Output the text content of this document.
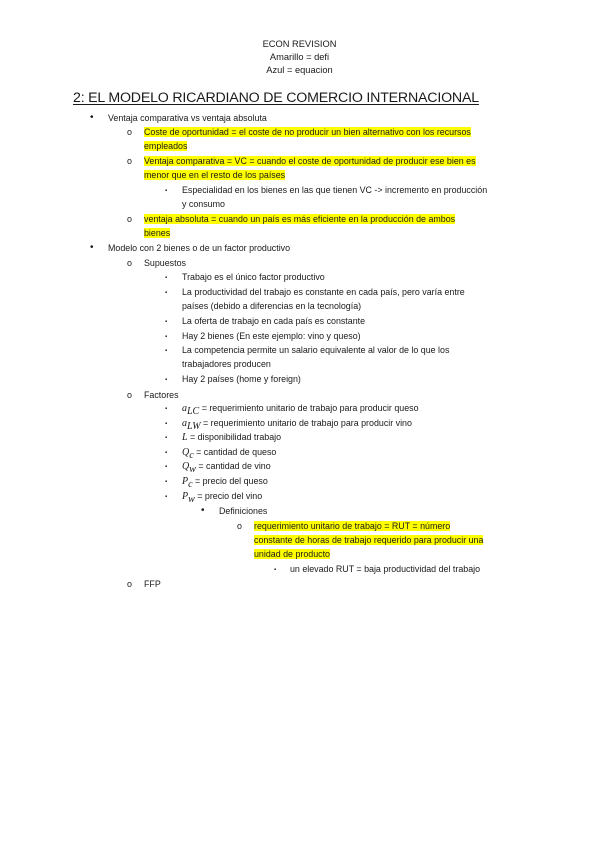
ECON REVISION
Amarillo = defi
Azul = equacion
2: EL MODELO RICARDIANO DE COMERCIO INTERNACIONAL
• Ventaja comparativa vs ventaja absoluta
o Coste de oportunidad = el coste de no producir un bien alternativo con los recursos
empleados
o Ventaja comparativa = VC = cuando el coste de oportunidad de producir ese bien es
menor que en el resto de los países
▪ Especialidad en los bienes en las que tienen VC -> incremento en producción
y consumo
o ventaja absoluta = cuando un país es más eficiente en la producción de ambos
bienes
• Modelo con 2 bienes o de un factor productivo
o Supuestos
▪ Trabajo es el único factor productivo
▪ La productividad del trabajo es constante en cada país, pero varía entre
países (debido a diferencias en la tecnología)
▪ La oferta de trabajo en cada país es constante
▪ Hay 2 bienes (En este ejemplo: vino y queso)
▪ La competencia permite un salario equivalente al valor de lo que los
trabajadores producen
▪ Hay 2 países (home y foreign)
o Factores
▪ $a_{LC}$ = requerimiento unitario de trabajo para producir queso
▪ $a_{LW}$ = requerimiento unitario de trabajo para producir vino
▪ L = disponibilidad trabajo
▪ $Q_c$ = cantidad de queso
▪ $Q_w$ = cantidad de vino
▪ $P_c$ = precio del queso
▪ $P_w$ = precio del vino
• Definiciones
o requerimiento unitario de trabajo = RUT = número
constante de horas de trabajo requerido para producir una
unidad de producto
▪ un elevado RUT = baja productividad del trabajo
o FFP
